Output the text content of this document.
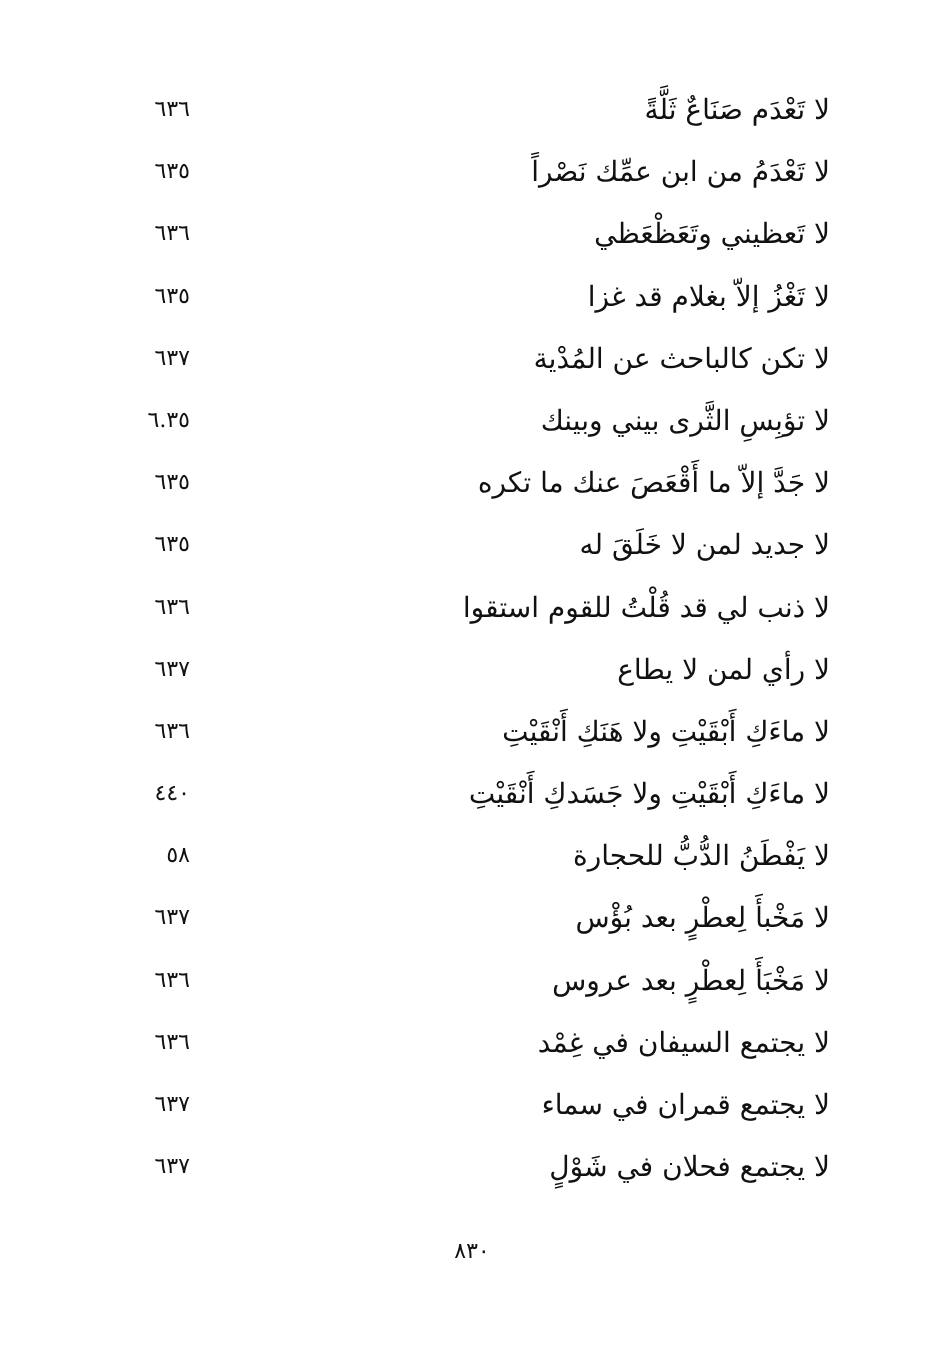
لا تَعْدَم صَنَاعٌ ثَلَّةً
٦٣٦
لا تَعْدَمُ من ابن عمِّك نَصْراً
٦٣٥
لا تَعظيني وتَعَظْعَظي
٦٣٦
لا تَغْزُ إلاّ بغلام قد غزا
٦٣٥
لا تكن كالباحث عن المُدْية
٦٣٧
لا تؤبِسِ الثَّرى بيني وبينك
٦.٣٥
لا جَدَّ إلاّ ما أَقْعَصَ عنك ما تكره
٦٣٥
لا جديد لمن لا خَلَقَ له
٦٣٥
لا ذنب لي قد قُلْتُ للقوم استقوا
٦٣٦
لا رأي لمن لا يطاع
٦٣٧
لا ماءَكِ أَبْقَيْتِ ولا هَنَكِ أَنْقَيْتِ
٦٣٦
لا ماءَكِ أَبْقَيْتِ ولا جَسَدكِ أَنْقَيْتِ
٤٤٠
لا يَفْطَنُ الدُّبُّ للحجارة
٥٨
لا مَخْبأَ لِعطْرٍ بعد بُؤْس
٦٣٧
لا مَخْبَأَ لِعطْرٍ بعد عروس
٦٣٦
لا يجتمع السيفان في غِمْد
٦٣٦
لا يجتمع قمران في سماء
٦٣٧
لا يجتمع فحلان في شَوْلٍ
٦٣٧
٨٣٠
